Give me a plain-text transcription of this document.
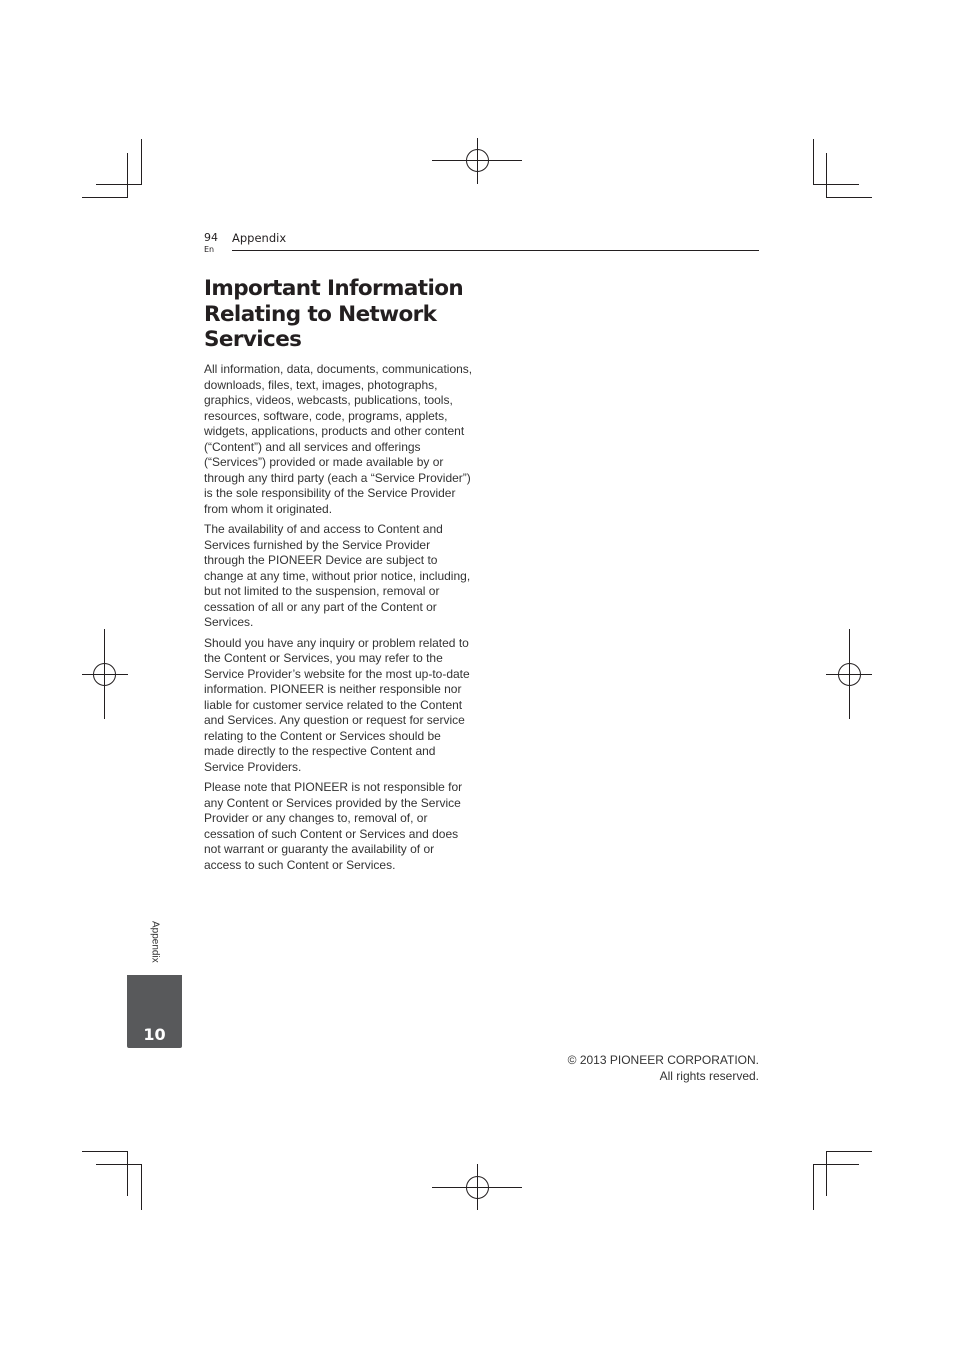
94
En
Appendix
Important Information Relating to Network Services

All information, data, documents, communications, downloads, files, text, images, photographs, graphics, videos, webcasts, publications, tools, resources, software, code, programs, applets, widgets, applications, products and other content (“Content”) and all services and offerings (“Services”) provided or made available by or through any third party (each a “Service Provider”) is the sole responsibility of the Service Provider from whom it originated.

The availability of and access to Content and Services furnished by the Service Provider through the PIONEER Device are subject to change at any time, without prior notice, including, but not limited to the suspension, removal or cessation of all or any part of the Content or Services.

Should you have any inquiry or problem related to the Content or Services, you may refer to the Service Provider’s website for the most up-to-date information. PIONEER is neither responsible nor liable for customer service related to the Content and Services. Any question or request for service relating to the Content or Services should be made directly to the respective Content and Service Providers.

Please note that PIONEER is not responsible for any Content or Services provided by the Service Provider or any changes to, removal of, or cessation of such Content or Services and does not warrant or guaranty the availability of or access to such Content or Services.

Appendix
10
© 2013 PIONEER CORPORATION.
All rights reserved.
